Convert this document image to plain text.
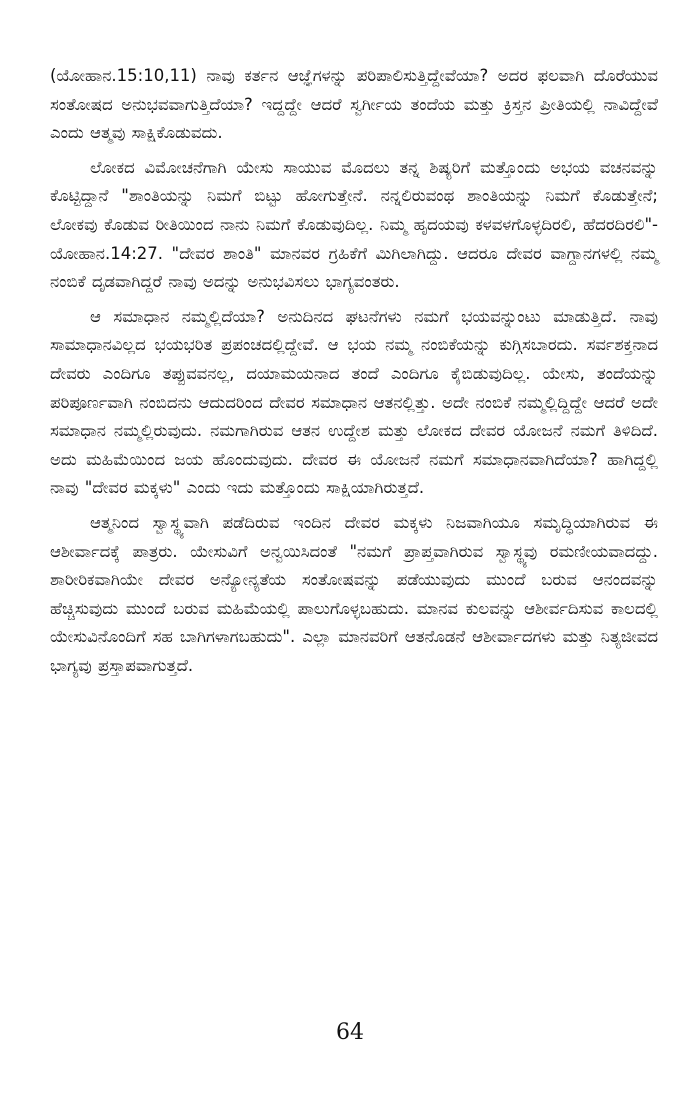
(ಯೋಹಾನ.15:10,11) ನಾವು ಕರ್ತನ ಆಜ್ಞೆಗಳನ್ನು ಪರಿಪಾಲಿಸುತ್ತಿದ್ದೇವೆಯಾ? ಅದರ ಫಲವಾಗಿ ದೊರೆಯುವ ಸಂತೋಷದ ಅನುಭವವಾಗುತ್ತಿದೆಯಾ? ಇದ್ದದ್ದೇ ಆದರೆ ಸ್ವರ್ಗೀಯ ತಂದೆಯ ಮತ್ತು ಕ್ರಿಸ್ತನ ಪ್ರೀತಿಯಲ್ಲಿ ನಾವಿದ್ದೇವೆ ಎಂದು ಆತ್ಮವು ಸಾಕ್ಷಿಕೊಡುವದು.

ಲೋಕದ ವಿಮೋಚನೆಗಾಗಿ ಯೇಸು ಸಾಯುವ ಮೊದಲು ತನ್ನ ಶಿಷ್ಯರಿಗೆ ಮತ್ತೊಂದು ಅಭಯ ವಚನವನ್ನು ಕೊಟ್ಟಿದ್ದಾನೆ "ಶಾಂತಿಯನ್ನು ನಿಮಗೆ ಬಿಟ್ಟು ಹೋಗುತ್ತೇನೆ. ನನ್ನಲಿರುವಂಥ ಶಾಂತಿಯನ್ನು ನಿಮಗೆ ಕೊಡುತ್ತೇನೆ; ಲೋಕವು ಕೊಡುವ ರೀತಿಯಿಂದ ನಾನು ನಿಮಗೆ ಕೊಡುವುದಿಲ್ಲ. ನಿಮ್ಮ ಹೃದಯವು ಕಳವಳಗೊಳ್ಳದಿರಲಿ, ಹೆದರದಿರಲಿ"-ಯೋಹಾನ.14:27. "ದೇವರ ಶಾಂತಿ" ಮಾನವರ ಗ್ರಹಿಕೆಗೆ ಮಿಗಿಲಾಗಿದ್ದು. ಆದರೂ ದೇವರ ವಾಗ್ದಾನಗಳಲ್ಲಿ ನಮ್ಮ ನಂಬಿಕೆ ದೃಡವಾಗಿದ್ದರೆ ನಾವು ಅದನ್ನು ಅನುಭವಿಸಲು ಭಾಗ್ಯವಂತರು.

ಆ ಸಮಾಧಾನ ನಮ್ಮಲ್ಲಿದೆಯಾ? ಅನುದಿನದ ಘಟನೆಗಳು ನಮಗೆ ಭಯವನ್ನುಂಟು ಮಾಡುತ್ತಿದೆ. ನಾವು ಸಾಮಾಧಾನವಿಲ್ಲದ ಭಯಭರಿತ ಪ್ರಪಂಚದಲ್ಲಿದ್ದೇವೆ. ಆ ಭಯ ನಮ್ಮ ನಂಬಿಕೆಯನ್ನು ಕುಗ್ಗಿಸಬಾರದು. ಸರ್ವಶಕ್ತನಾದ ದೇವರು ಎಂದಿಗೂ ತಪ್ಪುವವನಲ್ಲ, ದಯಾಮಯನಾದ ತಂದೆ ಎಂದಿಗೂ ಕೈಬಿಡುವುದಿಲ್ಲ. ಯೇಸು, ತಂದೆಯನ್ನು ಪರಿಪೂರ್ಣವಾಗಿ ನಂಬಿದನು ಆದುದರಿಂದ ದೇವರ ಸಮಾಧಾನ ಆತನಲ್ಲಿತ್ತು. ಅದೇ ನಂಬಿಕೆ ನಮ್ಮಲ್ಲಿದ್ದಿದ್ದೇ ಆದರೆ ಅದೇ ಸಮಾಧಾನ ನಮ್ಮಲ್ಲಿರುವುದು. ನಮಗಾಗಿರುವ ಆತನ ಉದ್ದೇಶ ಮತ್ತು ಲೋಕದ ದೇವರ ಯೋಜನೆ ನಮಗೆ ತಿಳಿದಿದೆ. ಅದು ಮಹಿಮೆಯಿಂದ ಜಯ ಹೊಂದುವುದು. ದೇವರ ಈ ಯೋಜನೆ ನಮಗೆ ಸಮಾಧಾನವಾಗಿದೆಯಾ? ಹಾಗಿದ್ದಲ್ಲಿ ನಾವು "ದೇವರ ಮಕ್ಕಳು" ಎಂದು ಇದು ಮತ್ತೊಂದು ಸಾಕ್ಷಿಯಾಗಿರುತ್ತದೆ.

ಆತ್ಮನಿಂದ ಸ್ವಾಸ್ಥ್ಯವಾಗಿ ಪಡೆದಿರುವ ಇಂದಿನ ದೇವರ ಮಕ್ಕಳು ನಿಜವಾಗಿಯೂ ಸಮೃದ್ಧಿಯಾಗಿರುವ ಈ ಆಶೀರ್ವಾದಕ್ಕೆ ಪಾತ್ರರು. ಯೇಸುವಿಗೆ ಅನ್ವಯಿಸಿದಂತೆ "ನಮಗೆ ಪ್ರಾಪ್ತವಾಗಿರುವ ಸ್ವಾಸ್ಥ್ಯವು ರಮಣೀಯವಾದದ್ದು. ಶಾರೀರಿಕವಾಗಿಯೇ ದೇವರ ಅನ್ಯೋನ್ಯತೆಯ ಸಂತೋಷವನ್ನು ಪಡೆಯುವುದು ಮುಂದೆ ಬರುವ ಆನಂದವನ್ನು ಹೆಚ್ಚಿಸುವುದು ಮುಂದೆ ಬರುವ ಮಹಿಮೆಯಲ್ಲಿ ಪಾಲುಗೊಳ್ಳಬಹುದು. ಮಾನವ ಕುಲವನ್ನು ಆಶೀರ್ವದಿಸುವ ಕಾಲದಲ್ಲಿ ಯೇಸುವಿನೊಂದಿಗೆ ಸಹ ಬಾಗಿಗಳಾಗಬಹುದು". ಎಲ್ಲಾ ಮಾನವರಿಗೆ ಆತನೊಡನೆ ಆಶೀರ್ವಾದಗಳು ಮತ್ತು ನಿತ್ಯಜೀವದ ಭಾಗ್ಯವು ಪ್ರಸ್ತಾಪವಾಗುತ್ತದೆ.

64
